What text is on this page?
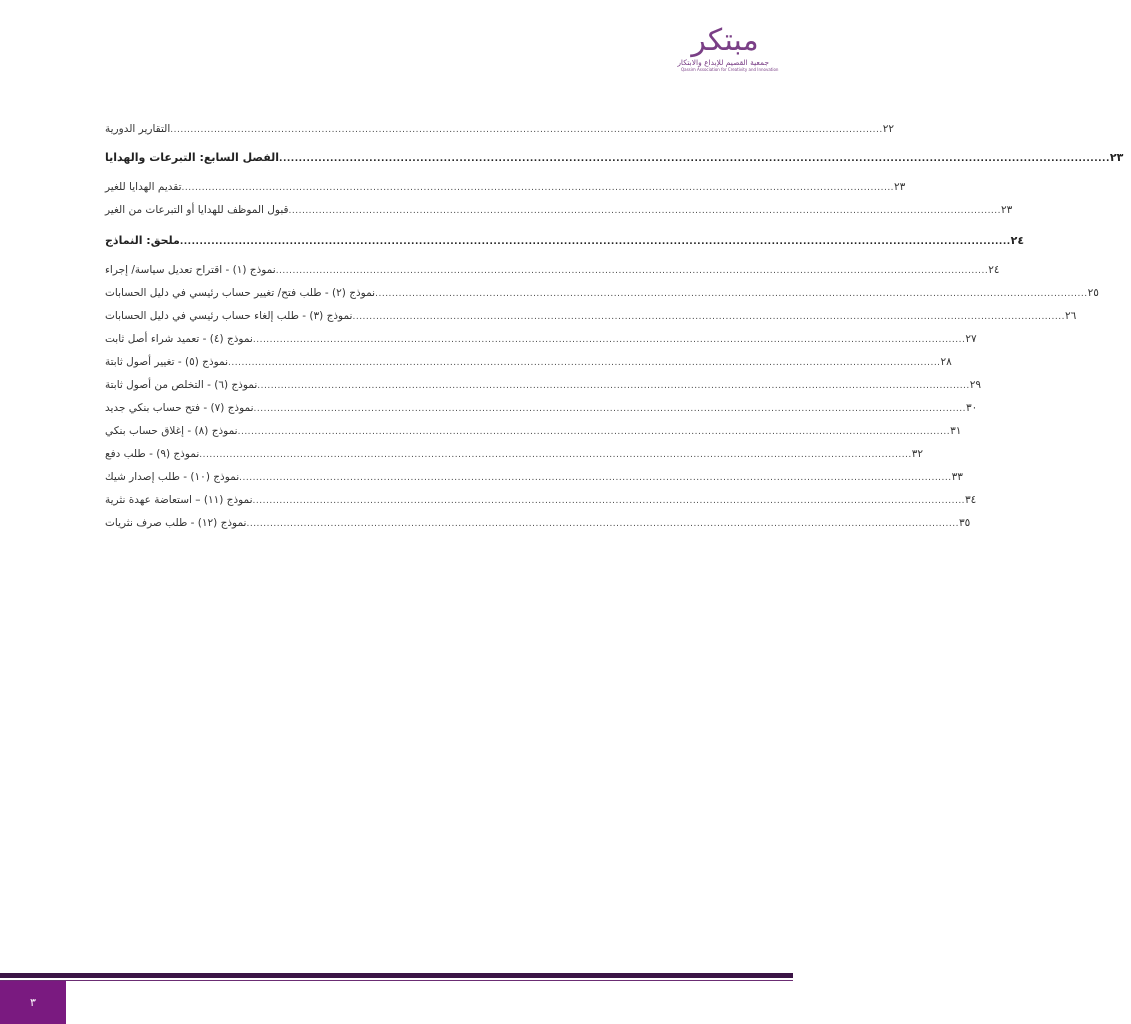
مبتكر
جمعية القصيم للإبداع والابتكار
Qassim Association for Creativity and Innovation
التقارير الدورية .................................................................................................................................................................................................................... ٢٢
الفصل السابع: التبرعات والهدايا .................................................................................................................................................................................................................... ٢٣
تقديم الهدايا للغير .................................................................................................................................................................................................................... ٢٣
قبول الموظف للهدايا أو التبرعات من الغير .................................................................................................................................................................................................................... ٢٣
ملحق: النماذج .................................................................................................................................................................................................................... ٢٤
نموذج (١) - اقتراح تعديل سياسة/ إجراء .................................................................................................................................................................................................................... ٢٤
نموذج (٢) - طلب فتح/ تغيير حساب رئيسي في دليل الحسابات .................................................................................................................................................................................................................... ٢٥
نموذج (٣) - طلب إلغاء حساب رئيسي في دليل الحسابات .................................................................................................................................................................................................................... ٢٦
نموذج (٤) - تعميد شراء أصل ثابت .................................................................................................................................................................................................................... ٢٧
نموذج (٥) - تغيير أصول ثابتة .................................................................................................................................................................................................................... ٢٨
نموذج (٦) - التخلص من أصول ثابتة .................................................................................................................................................................................................................... ٢٩
نموذج (٧) - فتح حساب بنكي جديد .................................................................................................................................................................................................................... ٣٠
نموذج (٨) - إغلاق حساب بنكي .................................................................................................................................................................................................................... ٣١
نموذج (٩) - طلب دفع .................................................................................................................................................................................................................... ٣٢
نموذج (١٠) - طلب إصدار شيك .................................................................................................................................................................................................................... ٣٣
نموذج (١١) – استعاضة عهدة نثرية .................................................................................................................................................................................................................... ٣٤
نموذج (١٢) - طلب صرف نثريات .................................................................................................................................................................................................................... ٣٥
٣
